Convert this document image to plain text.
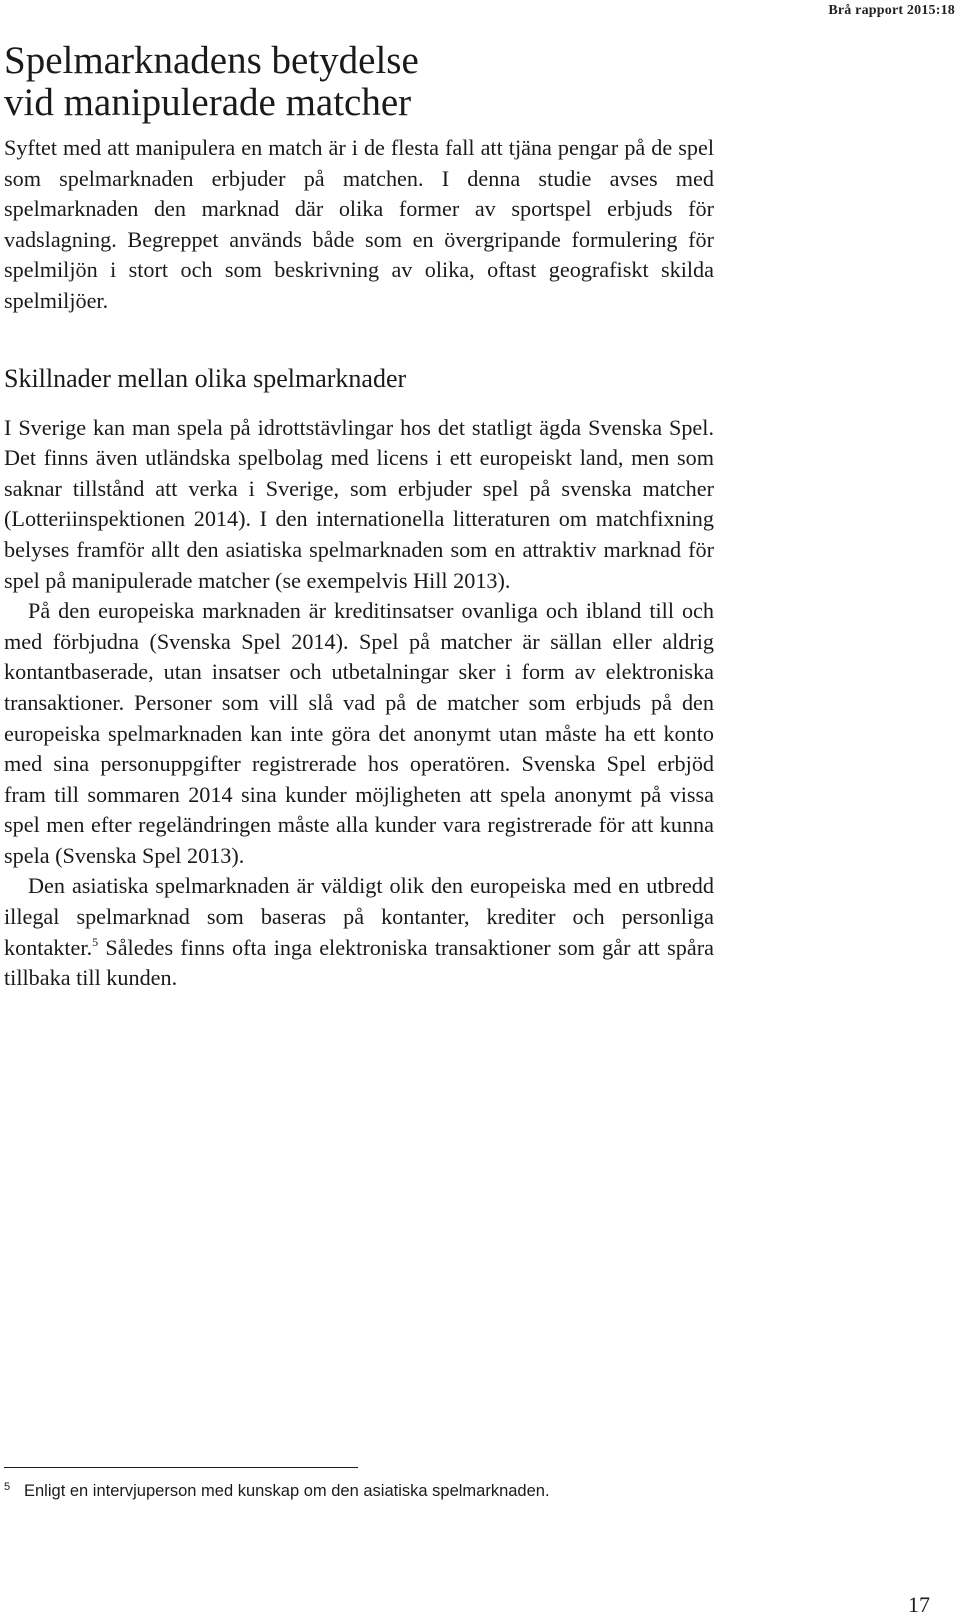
Brå rapport 2015:18
Spelmarknadens betydelse
vid manipulerade matcher

Syftet med att manipulera en match är i de flesta fall att tjäna pengar på de spel som spelmarknaden erbjuder på matchen. I denna studie avses med spelmarknaden den marknad där olika former av sportspel erbjuds för vadslagning. Begreppet används både som en övergripande formulering för spelmiljön i stort och som beskrivning av olika, oftast geografiskt skilda spelmiljöer.

Skillnader mellan olika spelmarknader

I Sverige kan man spela på idrottstävlingar hos det statligt ägda Svenska Spel. Det finns även utländska spelbolag med licens i ett europeiskt land, men som saknar tillstånd att verka i Sverige, som erbjuder spel på svenska matcher (Lotteriinspektionen 2014). I den internationella litteraturen om matchfixning belyses framför allt den asiatiska spelmarknaden som en attraktiv marknad för spel på manipulerade matcher (se exempelvis Hill 2013).

På den europeiska marknaden är kreditinsatser ovanliga och ibland till och med förbjudna (Svenska Spel 2014). Spel på matcher är sällan eller aldrig kontantbaserade, utan insatser och utbetalningar sker i form av elektroniska transaktioner. Personer som vill slå vad på de matcher som erbjuds på den europeiska spelmarknaden kan inte göra det anonymt utan måste ha ett konto med sina personuppgifter registrerade hos operatören. Svenska Spel erbjöd fram till sommaren 2014 sina kunder möjligheten att spela anonymt på vissa spel men efter regeländringen måste alla kunder vara registrerade för att kunna spela (Svenska Spel 2013).

Den asiatiska spelmarknaden är väldigt olik den europeiska med en utbredd illegal spelmarknad som baseras på kontanter, krediter och personliga kontakter.$^5$ Således finns ofta inga elektroniska transaktioner som går att spåra tillbaka till kunden.

5 Enligt en intervjuperson med kunskap om den asiatiska spelmarknaden.
17
